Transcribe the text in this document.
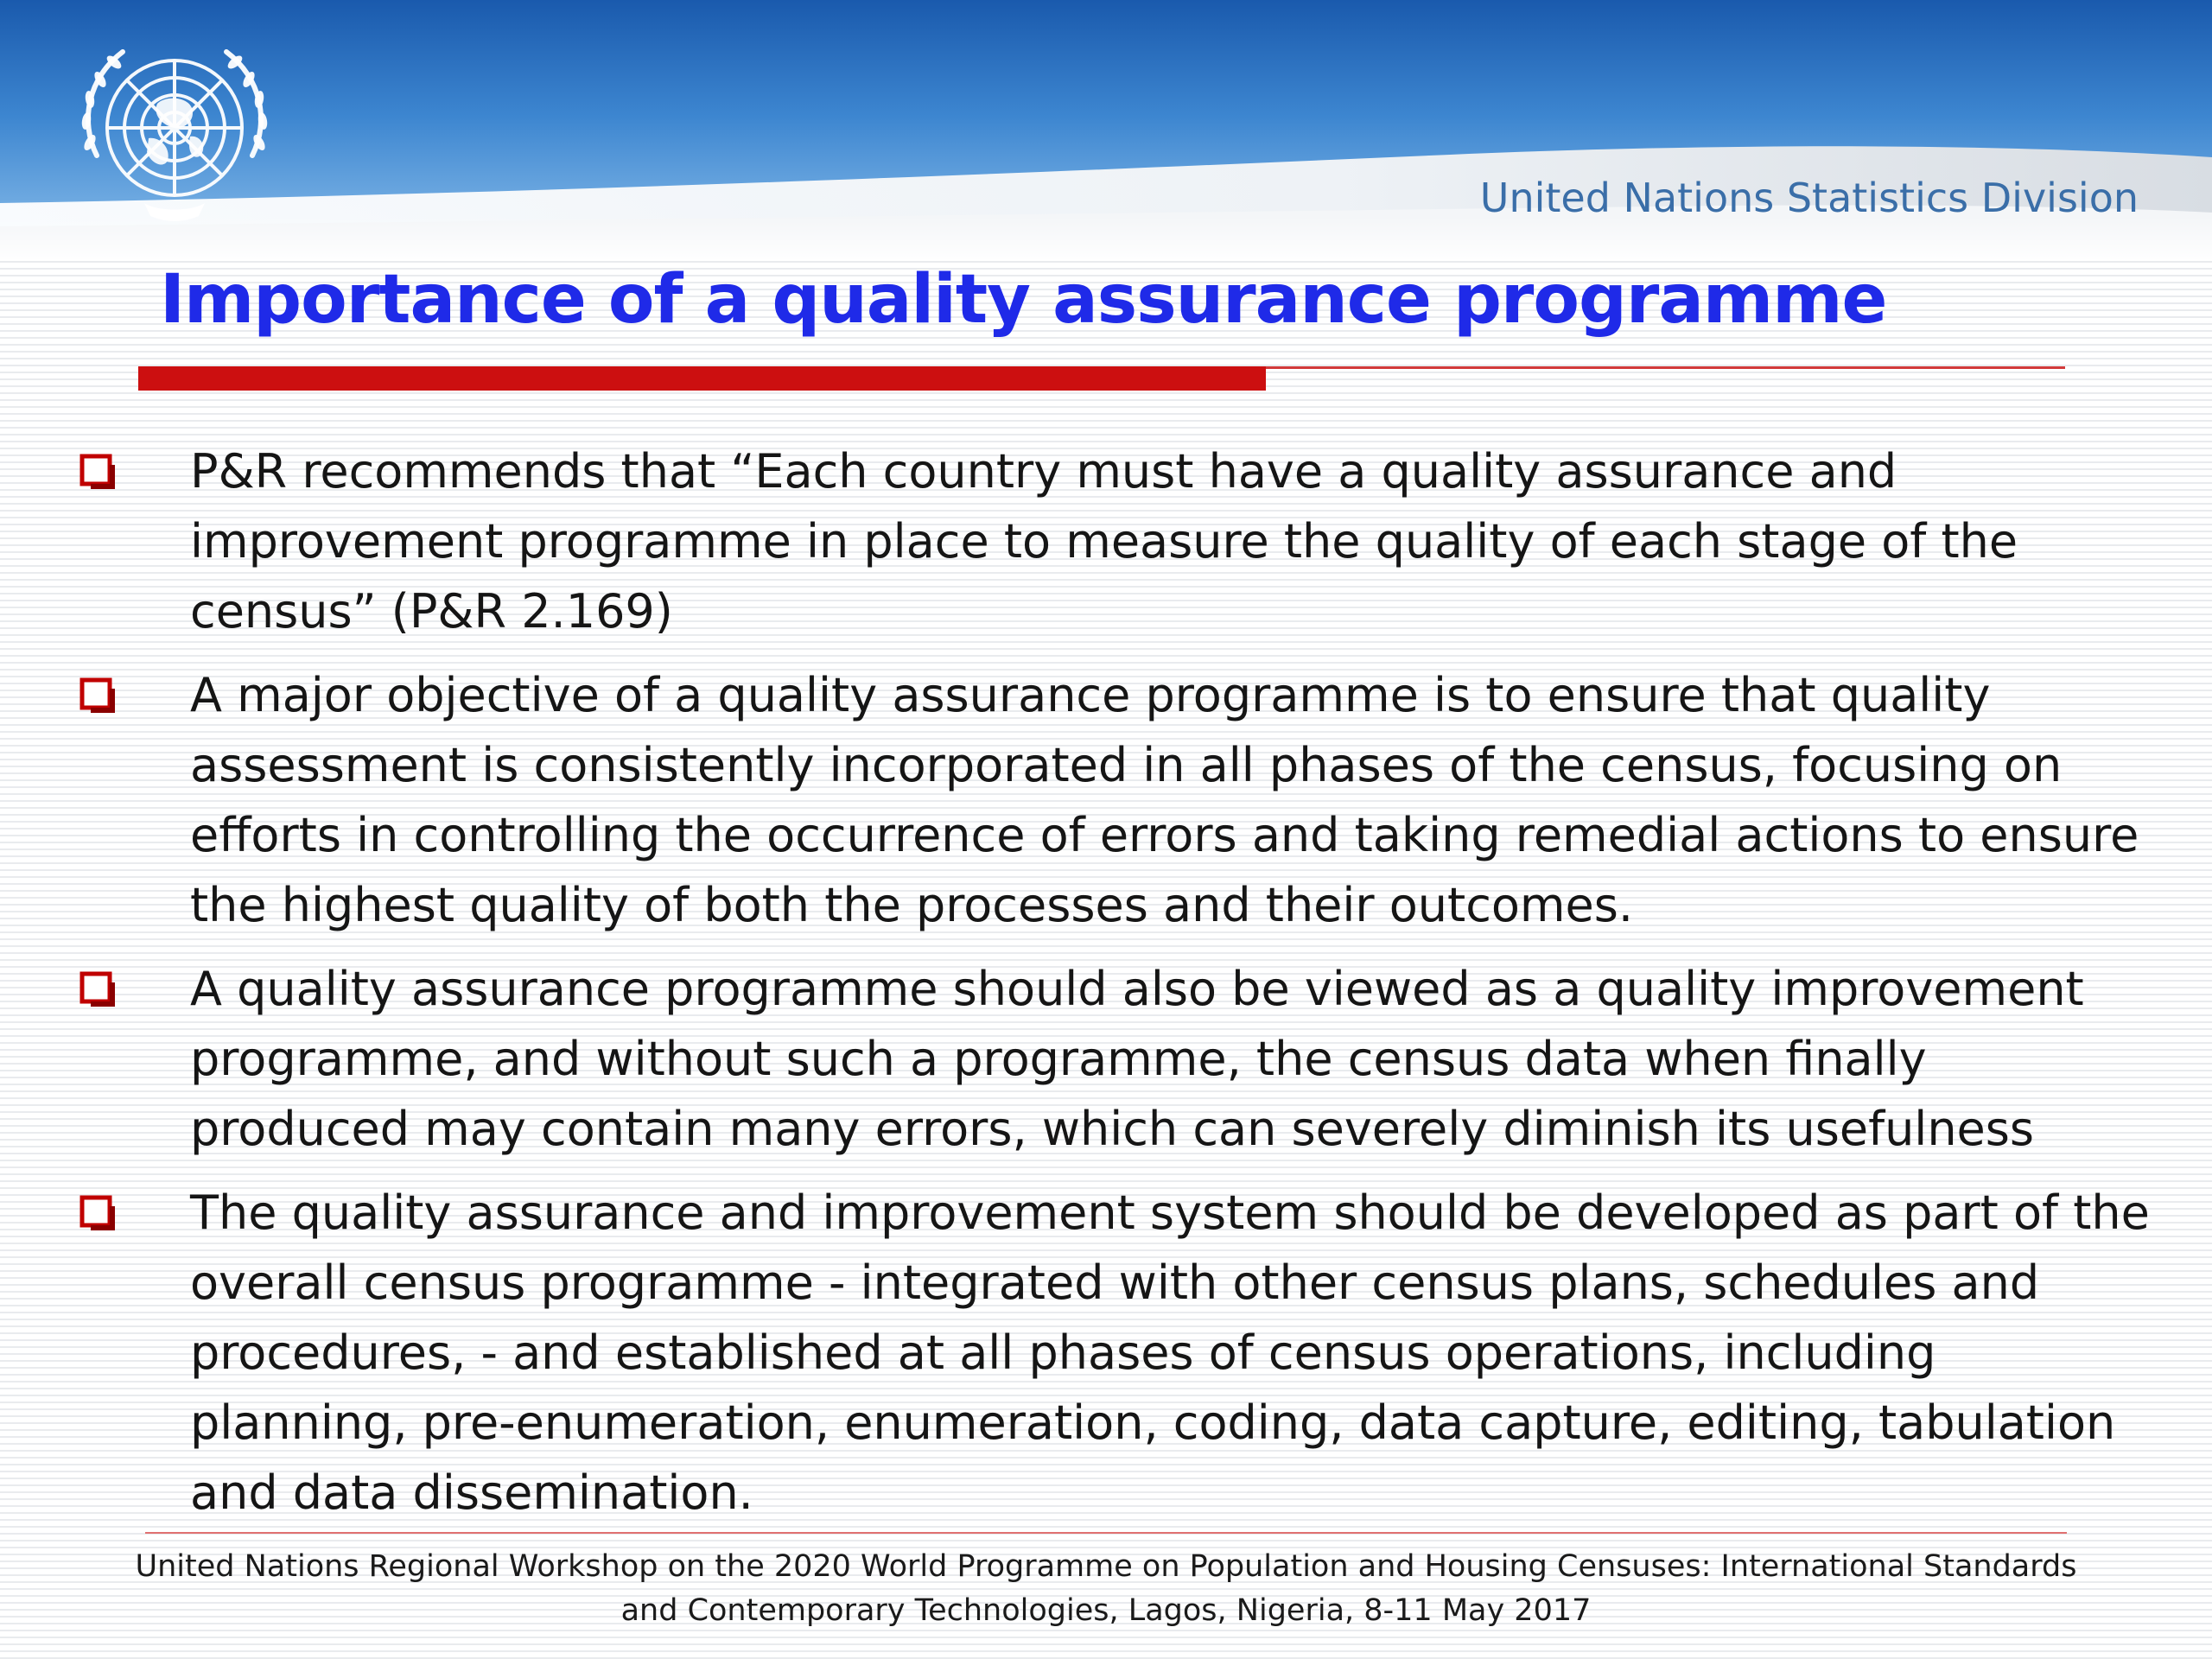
United Nations Statistics Division
Importance of a quality assurance programme
P&R recommends that “Each country must have a quality assurance and improvement programme in place to measure the quality of each stage of the census” (P&R 2.169)
A major objective of a quality assurance programme is to ensure that quality assessment is consistently incorporated in all phases of the census, focusing on efforts in controlling the occurrence of errors and taking remedial actions to ensure the highest quality of both the processes and their outcomes.
A quality assurance programme should also be viewed as a quality improvement programme, and without such a programme, the census data when finally produced may contain many errors, which can severely diminish its usefulness
The quality assurance and improvement system should be developed as part of the overall census programme - integrated with other census plans, schedules and procedures, - and established at all phases of census operations, including planning, pre-enumeration, enumeration, coding, data capture, editing, tabulation and data dissemination.
United Nations Regional Workshop on the 2020 World Programme on Population and Housing Censuses: International Standards
and Contemporary Technologies, Lagos, Nigeria, 8-11 May 2017
